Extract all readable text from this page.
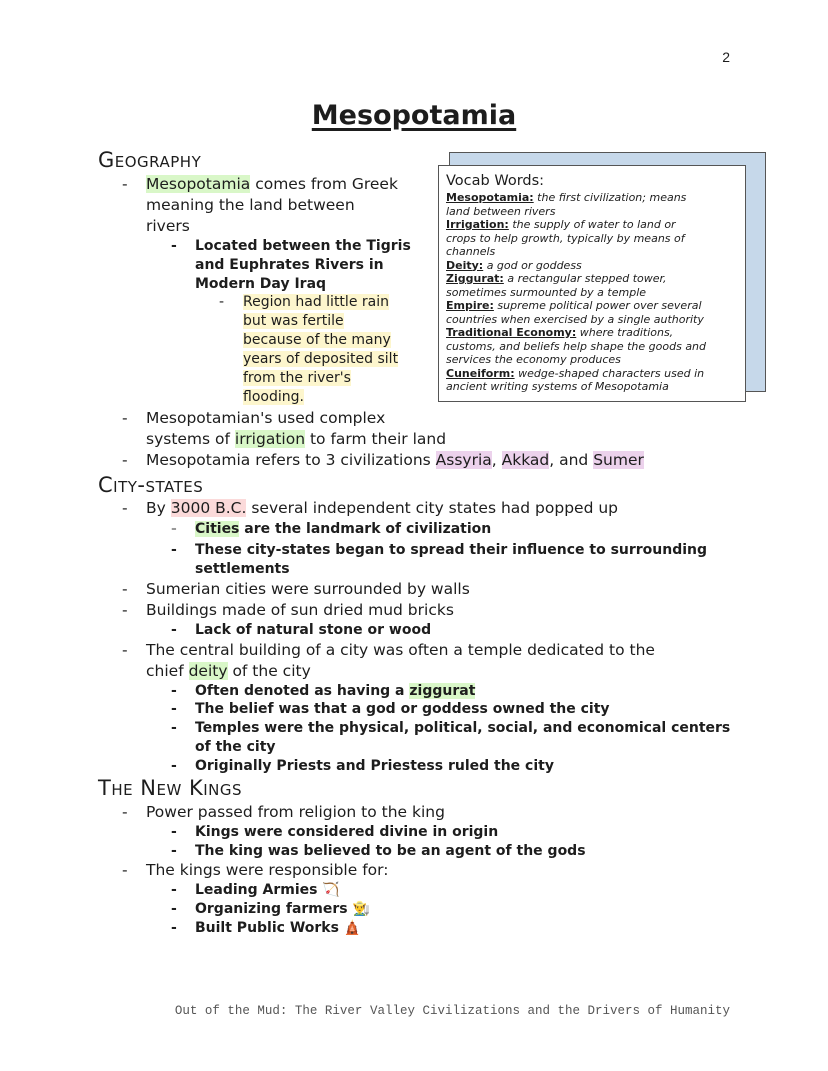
2
Mesopotamia
Geography
- Mesopotamia comes from Greek
meaning the land between
rivers
- Located between the Tigris
and Euphrates Rivers in
Modern Day Iraq
- Region had little rain
but was fertile
because of the many
years of deposited silt
from the river's
flooding.
- Mesopotamian's used complex
systems of irrigation to farm their land
- Mesopotamia refers to 3 civilizations Assyria, Akkad, and Sumer
Vocab Words:
Mesopotamia: the first civilization; means
land between rivers
Irrigation: the supply of water to land or
crops to help growth, typically by means of
channels
Deity: a god or goddess
Ziggurat: a rectangular stepped tower,
sometimes surmounted by a temple
Empire: supreme political power over several
countries when exercised by a single authority
Traditional Economy: where traditions,
customs, and beliefs help shape the goods and
services the economy produces
Cuneiform: wedge-shaped characters used in
ancient writing systems of Mesopotamia
City-states
- By 3000 B.C. several independent city states had popped up
- Cities are the landmark of civilization
- These city-states began to spread their influence to surrounding
settlements
- Sumerian cities were surrounded by walls
- Buildings made of sun dried mud bricks
- Lack of natural stone or wood
- The central building of a city was often a temple dedicated to the
chief deity of the city
- Often denoted as having a ziggurat
- The belief was that a god or goddess owned the city
- Temples were the physical, political, social, and economical centers
of the city
- Originally Priests and Priestess ruled the city
The New Kings
- Power passed from religion to the king
- Kings were considered divine in origin
- The king was believed to be an agent of the gods
- The kings were responsible for:
- Leading Armies 🏹
- Organizing farmers 👨‍🌾
- Built Public Works 🛕
Out of the Mud: The River Valley Civilizations and the Drivers of Humanity
